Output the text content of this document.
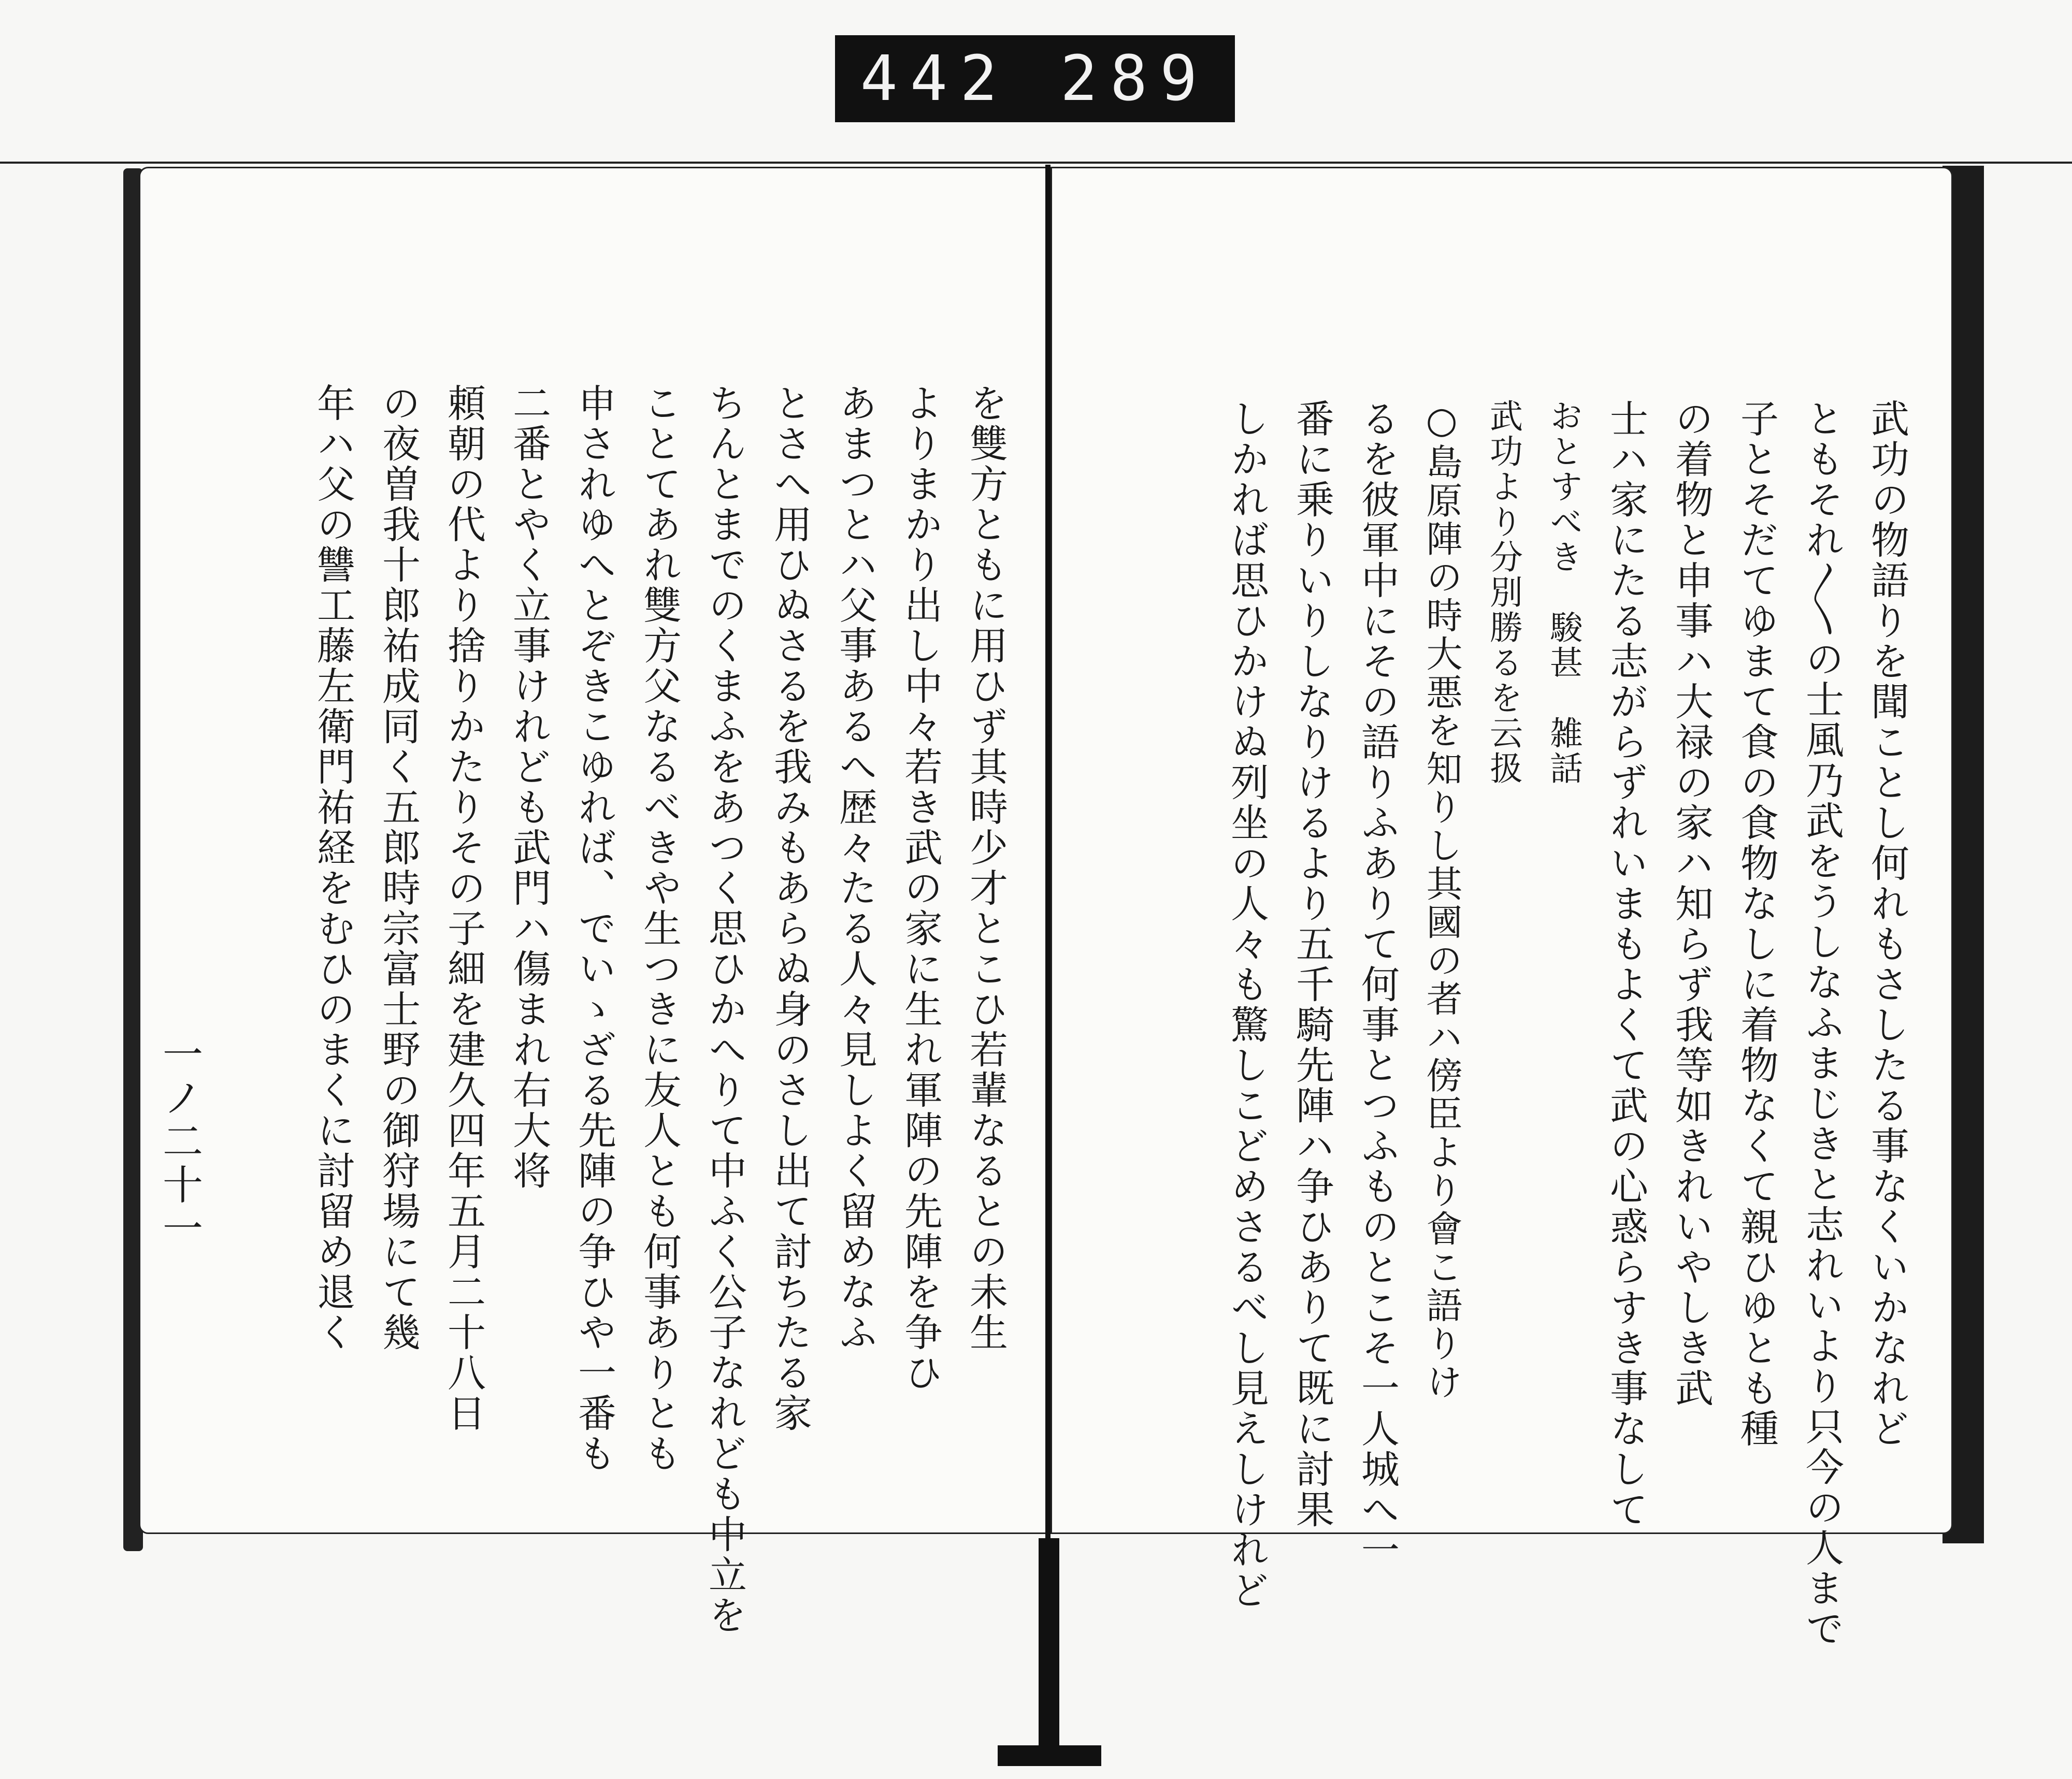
442 289
武功の物語りを聞ことし何れもさしたる事なくいかなれど
ともそれ〳〵の士風乃武をうしなふまじきと志れいより只今の人まで
子とそだてゆまて食の食物なしに着物なくて親ひゆとも種
の着物と申事ハ大禄の家ハ知らず我等如きれいやしき武
士ハ家にたる志がらずれいまもよくて武の心惑らすき事なして
おとすべき　駿甚　雑話
武功より分別勝るを云扱
○島原陣の時大悪を知りし其國の者ハ傍臣より會こ語りけ
るを彼軍中にその語りふありて何事とつふものとこそ一人城へ一
番に乗りいりしなりけるより五千騎先陣ハ争ひありて既に討果
しかれば思ひかけぬ列坐の人々も驚しこどめさるべし見えしけれど
を雙方ともに用ひず其時少才とこひ若輩なるとの未生
よりまかり出し中々若き武の家に生れ軍陣の先陣を争ひ
あまつとハ父事あるへ歴々たる人々見しよく留めなふ
とさへ用ひぬさるを我みもあらぬ身のさし出て討ちたる家
ちんとまでのくまふをあつく思ひかへりて中ふく公子なれども中立を
ことてあれ雙方父なるべきや生つきに友人とも何事ありとも
申されゆへとぞきこゆれば、でいゝざる先陣の争ひや一番も
二番とやく立事けれども武門ハ傷まれ右大将
頼朝の代より捨りかたりその子細を建久四年五月二十八日
の夜曽我十郎祐成同く五郎時宗富士野の御狩場にて幾
年ハ父の讐工藤左衛門祐経をむひのまくに討留め退く
一ノ二十一
